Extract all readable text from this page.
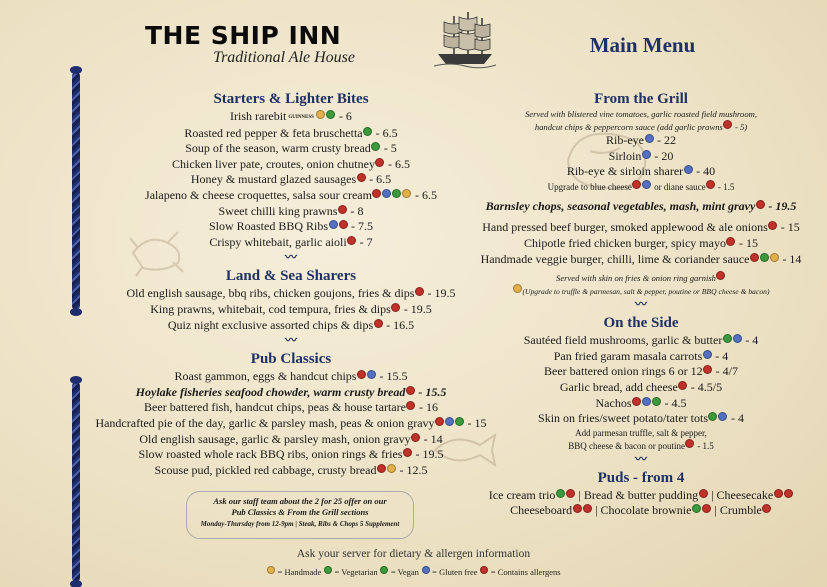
THE SHIP INN
Traditional Ale House
Main Menu
Starters & Lighter Bites
Irish rarebit GUINNESS - 6
Roasted red pepper & feta bruschetta - 6.5
Soup of the season, warm crusty bread - 5
Chicken liver pate, croutes, onion chutney - 6.5
Honey & mustard glazed sausages - 6.5
Jalapeno & cheese croquettes, salsa sour cream	- 6.5
Sweet chilli king prawns - 8
Slow Roasted BBQ Ribs - 7.5
Crispy whitebait, garlic aioli - 7
〰
Land & Sea Sharers
Old english sausage, bbq ribs, chicken goujons, fries & dips - 19.5
King prawns, whitebait, cod tempura, fries & dips - 19.5
Quiz night exclusive assorted chips & dips - 16.5
〰
Pub Classics
Roast gammon, eggs & handcut chips - 15.5
Hoylake fisheries seafood chowder, warm crusty bread - 15.5
Beer battered fish, handcut chips, peas & house tartare - 16
Handcrafted pie of the day, garlic & parsley mash, peas & onion gravy	- 15
Old english sausage, garlic & parsley mash, onion gravy - 14
Slow roasted whole rack BBQ ribs, onion rings & fries - 19.5
Scouse pud, pickled red cabbage, crusty bread - 12.5
From the Grill
Served with blistered vine tomatoes, garlic roasted field mushroom,
handcut chips & peppercorn sauce (add garlic prawns - 5)
Rib-eye - 22
Sirloin - 20
Rib-eye & sirloin sharer - 40
Upgrade to blue cheese or diane sauce - 1.5
Barnsley chops, seasonal vegetables, mash, mint gravy - 19.5
Hand pressed beef burger, smoked applewood & ale onions - 15
Chipotle fried chicken burger, spicy mayo - 15
Handmade veggie burger, chilli, lime & coriander sauce	- 14
Served with skin on fries & onion ring garnish
(Upgrade to truffle & parmesan, salt & pepper, poutine or BBQ cheese & bacon)
〰
On the Side
Sautéed field mushrooms, garlic & butter - 4
Pan fried garam masala carrots - 4
Beer battered onion rings 6 or 12 - 4/7
Garlic bread, add cheese - 4.5/5
Nachos	- 4.5
Skin on fries/sweet potato/tater tots - 4
Add parmesan truffle, salt & pepper,
BBQ cheese & bacon or poutine - 1.5
〰
Puds - from 4
Ice cream trio | Bread & butter pudding | Cheesecake
Cheeseboard | Chocolate brownie | Crumble
Ask our staff team about the 2 for 25 offer on our
Pub Classics & From the Grill sections
Monday-Thursday from 12-9pm | Steak, Ribs & Chops 5 Supplement
Ask your server for dietary & allergen information
= Handmade  = Vegetarian  = Vegan  = Gluten free  = Contains allergens
